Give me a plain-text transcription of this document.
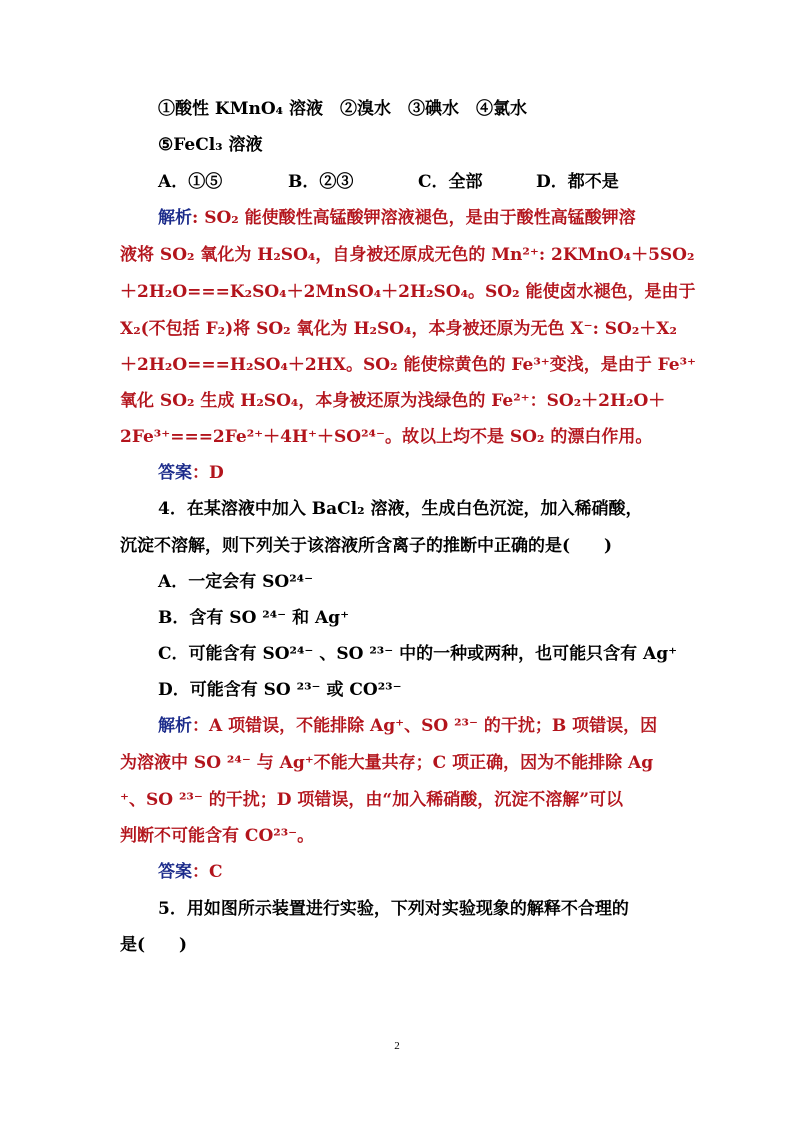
①酸性 KMnO₄ 溶液　②溴水　③碘水　④氯水
⑤FeCl₃ 溶液
A．①⑤	B．②③	C．全部	D．都不是
解析: SO₂ 能使酸性高锰酸钾溶液褪色，是由于酸性高锰酸钾溶
液将 SO₂ 氧化为 H₂SO₄，自身被还原成无色的 Mn²⁺: 2KMnO₄＋5SO₂
＋2H₂O===K₂SO₄＋2MnSO₄＋2H₂SO₄。SO₂ 能使卤水褪色，是由于
X₂(不包括 F₂)将 SO₂ 氧化为 H₂SO₄，本身被还原为无色 X⁻: SO₂＋X₂
＋2H₂O===H₂SO₄＋2HX。SO₂ 能使棕黄色的 Fe³⁺变浅，是由于 Fe³⁺
氧化 SO₂ 生成 H₂SO₄，本身被还原为浅绿色的 Fe²⁺：SO₂＋2H₂O＋
2Fe³⁺===2Fe²⁺＋4H⁺＋SO²⁴⁻。故以上均不是 SO₂ 的漂白作用。
答案：D
4．在某溶液中加入 BaCl₂ 溶液，生成白色沉淀，加入稀硝酸，
沉淀不溶解，则下列关于该溶液所含离子的推断中正确的是(　　)
A．一定会有 SO²⁴⁻
B．含有 SO ²⁴⁻ 和 Ag⁺
C．可能含有 SO²⁴⁻ 、SO ²³⁻ 中的一种或两种，也可能只含有 Ag⁺
D．可能含有 SO ²³⁻ 或 CO²³⁻
解析：A 项错误，不能排除 Ag⁺、SO ²³⁻ 的干扰；B 项错误，因
为溶液中 SO ²⁴⁻ 与 Ag⁺不能大量共存；C 项正确，因为不能排除 Ag
⁺、SO ²³⁻ 的干扰；D 项错误，由“加入稀硝酸，沉淀不溶解”可以
判断不可能含有 CO²³⁻。
答案：C
5．用如图所示装置进行实验，下列对实验现象的解释不合理的
是(　　)
2
